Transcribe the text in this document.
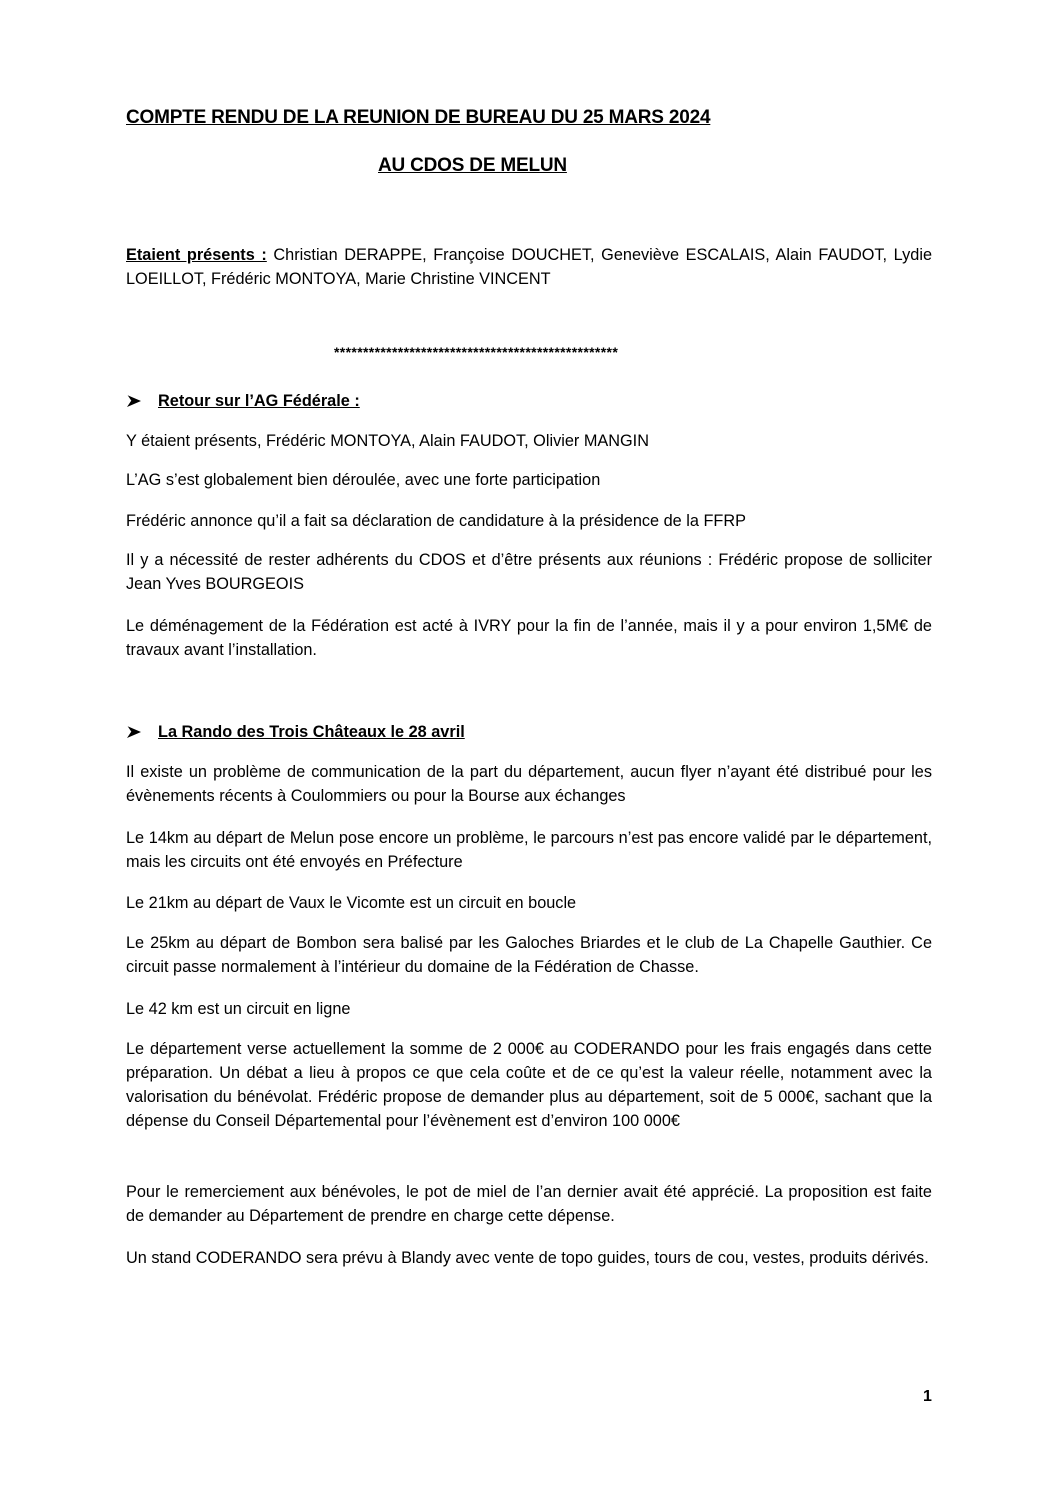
COMPTE RENDU DE LA REUNION DE BUREAU DU 25 MARS 2024
AU CDOS DE MELUN
Etaient présents : Christian DERAPPE, Françoise DOUCHET, Geneviève ESCALAIS, Alain FAUDOT, Lydie LOEILLOT, Frédéric MONTOYA, Marie Christine VINCENT
*************************************************
Retour sur l’AG Fédérale :
Y étaient présents, Frédéric MONTOYA, Alain FAUDOT, Olivier MANGIN
L’AG s’est globalement bien déroulée, avec une forte participation
Frédéric annonce qu’il a fait sa déclaration de candidature à la présidence de la FFRP
Il y a nécessité de rester adhérents du CDOS et d’être présents aux réunions : Frédéric propose de solliciter Jean Yves BOURGEOIS
Le déménagement de la Fédération est acté à IVRY pour la fin de l’année, mais il y a pour environ 1,5M€ de travaux avant l’installation.
La Rando des Trois Châteaux le 28 avril
Il existe un problème de communication de la part du département, aucun flyer n’ayant été distribué pour les évènements récents à Coulommiers ou pour la Bourse aux échanges
Le 14km au départ de Melun pose encore un problème, le parcours n’est pas encore validé par le département, mais les circuits ont été envoyés en Préfecture
Le 21km au départ de Vaux le Vicomte est un circuit en boucle
Le 25km au départ de Bombon sera balisé par les Galoches Briardes et le club de La Chapelle Gauthier. Ce circuit passe normalement à l’intérieur du domaine de la Fédération de Chasse.
Le 42 km est un circuit en ligne
Le département verse actuellement la somme de 2 000€ au CODERANDO pour les frais engagés dans cette préparation. Un débat a lieu à propos ce que cela coûte et de ce qu’est la valeur réelle, notamment avec la valorisation du bénévolat. Frédéric propose de demander plus au département, soit de 5 000€, sachant que la dépense du Conseil Départemental pour l’évènement est d’environ 100 000€
Pour le remerciement aux bénévoles, le pot de miel de l’an dernier avait été apprécié. La proposition est faite de demander au Département de prendre en charge cette dépense.
Un stand CODERANDO sera prévu à Blandy avec vente de topo guides, tours de cou, vestes, produits dérivés.
1
